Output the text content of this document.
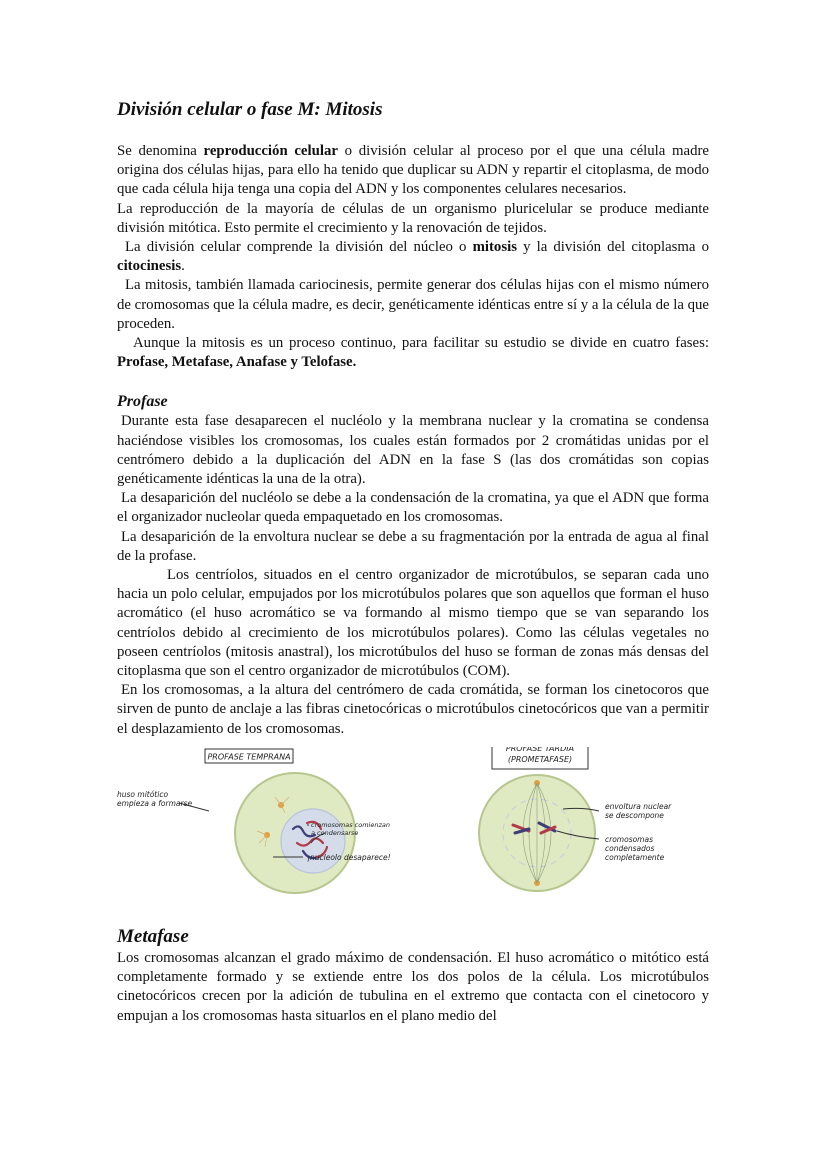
División celular o fase M: Mitosis

Se denomina reproducción celular o división celular al proceso por el que una célula madre origina dos células hijas, para ello ha tenido que duplicar su ADN y repartir el citoplasma, de modo que cada célula hija tenga una copia del ADN y los componentes celulares necesarios.

La reproducción de la mayoría de células de un organismo pluricelular se produce mediante división mitótica. Esto permite el crecimiento y la renovación de tejidos.

La división celular comprende la división del núcleo o mitosis y la división del citoplasma o citocinesis.

La mitosis, también llamada cariocinesis, permite generar dos células hijas con el mismo número de cromosomas que la célula madre, es decir, genéticamente idénticas entre sí y a la célula de la que proceden.

Aunque la mitosis es un proceso continuo, para facilitar su estudio se divide en cuatro fases: Profase, Metafase, Anafase y Telofase.

Profase

Durante esta fase desaparecen el nucléolo y la membrana nuclear y la cromatina se condensa haciéndose visibles los cromosomas, los cuales están formados por 2 cromátidas unidas por el centrómero debido a la duplicación del ADN en la fase S (las dos cromátidas son copias genéticamente idénticas la una de la otra).

La desaparición del nucléolo se debe a la condensación de la cromatina, ya que el ADN que forma el organizador nucleolar queda empaquetado en los cromosomas.

La desaparición de la envoltura nuclear se debe a su fragmentación por la entrada de agua al final de la profase.

Los centríolos, situados en el centro organizador de microtúbulos, se separan cada uno hacia un polo celular, empujados por los microtúbulos polares que son aquellos que forman el huso acromático (el huso acromático se va formando al mismo tiempo que se van separando los centríolos debido al crecimiento de los microtúbulos polares). Como las células vegetales no poseen centríolos (mitosis anastral), los microtúbulos del huso se forman de zonas más densas del citoplasma que son el centro organizador de microtúbulos (COM).

En los cromosomas, a la altura del centrómero de cada cromátida, se forman los cinetocoros que sirven de punto de anclaje a las fibras cinetocóricas o microtúbulos cinetocóricos que van a permitir el desplazamiento de los cromosomas.

PROFASE TEMPRANA
huso mitótico
empieza a formarse
cromosomas comienzan
a condensarse
¡nucleolo desaparece!
PROFASE TARDÍA
(PROMETAFASE)
envoltura nuclear
se descompone
cromosomas
condensados
completamente
Metafase

Los cromosomas alcanzan el grado máximo de condensación. El huso acromático o mitótico está completamente formado y se extiende entre los dos polos de la célula. Los microtúbulos cinetocóricos crecen por la adición de tubulina en el extremo que contacta con el cinetocoro y empujan a los cromosomas hasta situarlos en el plano medio del
